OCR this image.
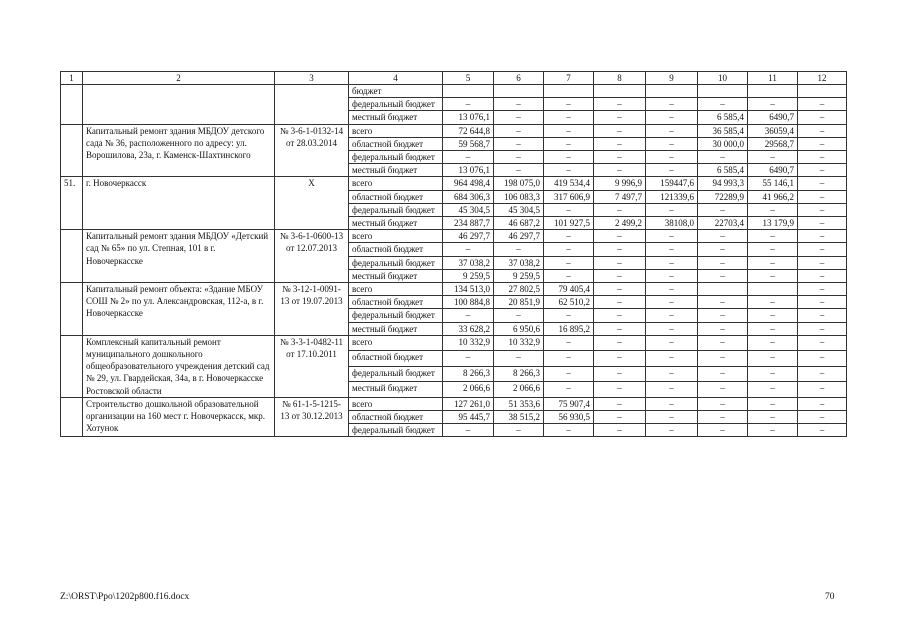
1	2	3	4	5	6	7	8	9	10	11	12
			бюджет								
			федеральный бюджет	–	–	–	–	–	–	–	–
			местный бюджет	13 076,1	–	–	–	–	6 585,4	6490,7	–
	Капитальный ремонт здания МБДОУ детского сада № 36, расположенного по адресу: ул. Ворошилова, 23а, г. Каменск-Шахтинского	№ 3-6-1-0132-14 от 28.03.2014	всего	72 644,8	–	–	–	–	36 585,4	36059,4	–
			областной бюджет	59 568,7	–	–	–	–	30 000,0	29568,7	–
			федеральный бюджет	–	–	–	–	–	–	–	–
			местный бюджет	13 076,1	–	–	–	–	6 585,4	6490,7	–
51.	г. Новочеркасск	Х	всего	964 498,4	198 075,0	419 534,4	9 996,9	159447,6	94 993,3	55 146,1	–
			областной бюджет	684 306,3	106 083,3	317 606,9	7 497,7	121339,6	72289,9	41 966,2	–
			федеральный бюджет	45 304,5	45 304,5	–	–	–	–	–	–
			местный бюджет	234 887,7	46 687,2	101 927,5	2 499,2	38108,0	22703,4	13 179,9	–
	Капитальный ремонт здания МБДОУ «Детский сад № 65» по ул. Степная, 101 в г. Новочеркасске	№ 3-6-1-0600-13 от 12.07.2013	всего	46 297,7	46 297,7	–	–	–	–	–	–
			областной бюджет	–	–	–	–	–	–	–	–
			федеральный бюджет	37 038,2	37 038,2	–	–	–	–	–	–
			местный бюджет	9 259,5	9 259,5	–	–	–	–	–	–
	Капитальный ремонт объекта: «Здание МБОУ СОШ № 2» по ул. Александровская, 112-а, в г. Новочеркасске	№ 3-12-1-0091-13 от 19.07.2013	всего	134 513,0	27 802,5	79 405,4	–	–			–
			областной бюджет	100 884,8	20 851,9	62 510,2	–	–	–	–	–
			федеральный бюджет	–	–	–	–	–	–	–	–
			местный бюджет	33 628,2	6 950,6	16 895,2	–	–	–	–	–
	Комплексный капитальный ремонт муниципального дошкольного общеобразовательного учреждения детский сад № 29, ул. Гвардейская, 34а, в г. Новочеркасске Ростовской области	№ 3-3-1-0482-11 от 17.10.2011	всего	10 332,9	10 332,9	–	–	–	–	–	–
			областной бюджет	–	–	–	–	–	–	–	–
			федеральный бюджет	8 266,3	8 266,3	–	–	–	–	–	–
			местный бюджет	2 066,6	2 066,6	–	–	–	–	–	–
	Строительство дошкольной образовательной организации на 160 мест г. Новочеркасск, мкр. Хотунок	№ 61-1-5-1215-13 от 30.12.2013	всего	127 261,0	51 353,6	75 907,4	–	–	–	–	–
			областной бюджет	95 445,7	38 515,2	56 930,5	–	–	–	–	–
			федеральный бюджет	–	–	–	–	–	–	–	–
Z:\ORST\Ppo\1202p800.f16.docx	70
